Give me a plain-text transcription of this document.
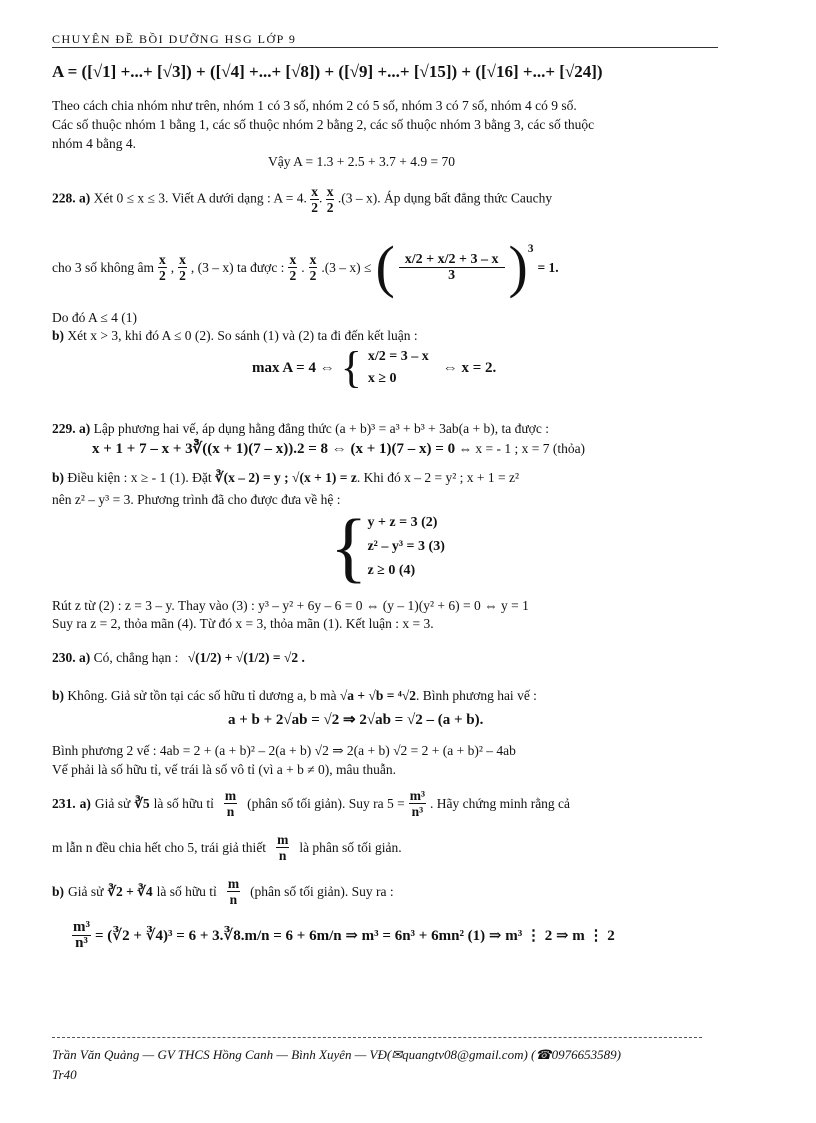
CHUYÊN ĐỀ BỒI DƯỠNG HSG LỚP 9
A = ([√1] +...+ [√3]) + ([√4] +...+ [√8]) + ([√9] +...+ [√15]) + ([√16] +...+ [√24])
Theo cách chia nhóm như trên, nhóm 1 có 3 số, nhóm 2 có 5 số, nhóm 3 có 7 số, nhóm 4 có 9 số.
Các số thuộc nhóm 1 bằng 1, các số thuộc nhóm 2 bằng 2, các số thuộc nhóm 3 bằng 3, các số thuộc
nhóm 4 bằng 4.
Vậy A = 1.3 + 2.5 + 3.7 + 4.9 = 70
228. a) Xét 0 ≤ x ≤ 3. Viết A dưới dạng : A = 4. $\frac{x}{2}$ . $\frac{x}{2} .(3 - x)$. Áp dụng bất đẳng thức Cauchy
cho 3 số không âm $\frac{x}{2}$ , $\frac{x}{2}$ , (3 – x) ta được : $\frac{x}{2}$ . $\frac{x}{2} .(3 - x)$ ≤ ( $\frac{x/2 + x/2 + 3 - x}{3} )^3$
= 1.
Do đó A ≤ 4 (1)
b) Xét x > 3, khi đó A ≤ 0 (2). So sánh (1) và (2) ta đi đến kết luận :
max A = 4 ⇔ { x/2 = 3 – x
x ≥ 0
⇔ x = 2.
229. a) Lập phương hai vế, áp dụng hằng đẳng thức (a + b)³ = a³ + b³ + 3ab(a + b), ta được :
x + 1 + 7 – x + 3∛((x + 1)(7 – x)).2 = 8 ⇔ (x + 1)(7 – x) = 0 ⇔ x = - 1 ; x = 7 (thỏa)
b) Điều kiện : x ≥ - 1 (1). Đặt ∛(x – 2) = y ; √(x + 1) = z. Khi đó x – 2 = y² ; x + 1 = z²
nên z² – y³ = 3. Phương trình đã cho được đưa về hệ :
{ y + z = 3 (2)
z² – y³ = 3 (3)
z ≥ 0 (4)
Rút z từ (2) : z = 3 – y. Thay vào (3) : y³ – y² + 6y – 6 = 0 ⇔ (y – 1)(y² + 6) = 0 ⇔ y = 1
Suy ra z = 2, thỏa mãn (4). Từ đó x = 3, thỏa mãn (1). Kết luận : x = 3.
230. a) Có, chẳng hạn : √(1/2) + √(1/2) = √2 .
b) Không. Giả sử tồn tại các số hữu tỉ dương a, b mà √a + √b = ⁴√2. Bình phương hai vế :
a + b + 2√ab = √2 ⇒ 2√ab = √2 – (a + b).
Bình phương 2 vế : 4ab = 2 + (a + b)² – 2(a + b) √2 ⇒ 2(a + b) √2 = 2 + (a + b)² – 4ab
Vế phải là số hữu tỉ, vế trái là số vô tỉ (vì a + b ≠ 0), mâu thuẫn.
231. a) Giả sử ∛5 là số hữu tỉ $\frac{m}{n}$ (phân số tối giản). Suy ra $5 = \frac{\text{m³}}{\text{n³}}$ . Hãy chứng minh rằng cả
m lẫn n đều chia hết cho 5, trái giả thiết $\frac{m}{n}$ là phân số tối giản.
b) Giả sử ∛2 + ∛4 là số hữu tỉ $\frac{m}{n}$ (phân số tối giản). Suy ra :
$\frac{\text{m³}}{\text{n³}}$ = (∛2 + ∛4)³ = 6 + 3.∛8.m/n = 6 + 6m/n ⇒ m³ = 6n³ + 6mn² (1) ⇒ m³ ⋮ 2 ⇒ m ⋮ 2
Trần Văn Quảng — GV THCS Hồng Canh — Bình Xuyên — VĐ(✉quangtv08@gmail.com) (☎0976653589)
Tr40
